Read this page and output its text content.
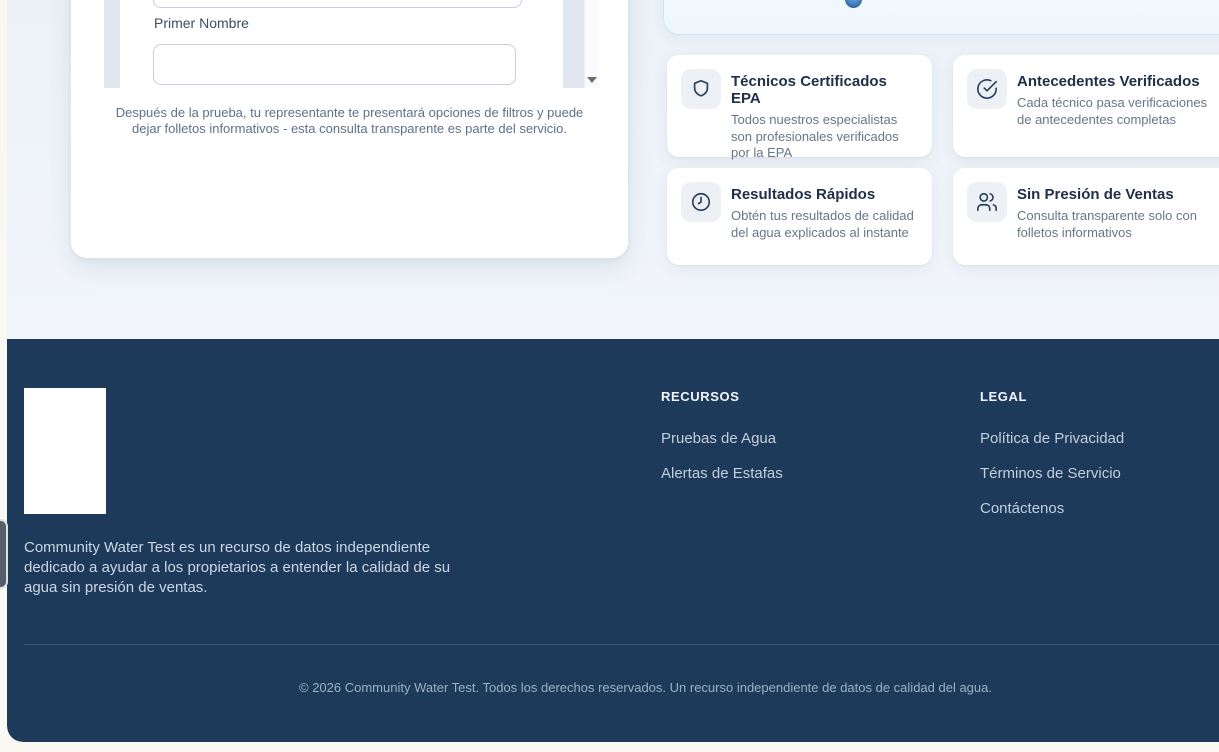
Primer Nombre

Después de la prueba, tu representante te presentará opciones de filtros y puede dejar folletos informativos - esta consulta transparente es parte del servicio.

Técnicos Certificados EPA

Todos nuestros especialistas son profesionales verificados por la EPA

Antecedentes Verificados

Cada técnico pasa verificaciones de antecedentes completas

Resultados Rápidos

Obtén tus resultados de calidad del agua explicados al instante

Sin Presión de Ventas

Consulta transparente solo con folletos informativos

Community Water Test es un recurso de datos independiente dedicado a ayudar a los propietarios a entender la calidad de su agua sin presión de ventas.

RECURSOS
Pruebas de Agua
Alertas de Estafas
LEGAL
Política de Privacidad
Términos de Servicio
Contáctenos

© 2026 Community Water Test. Todos los derechos reservados. Un recurso independiente de datos de calidad del agua.
